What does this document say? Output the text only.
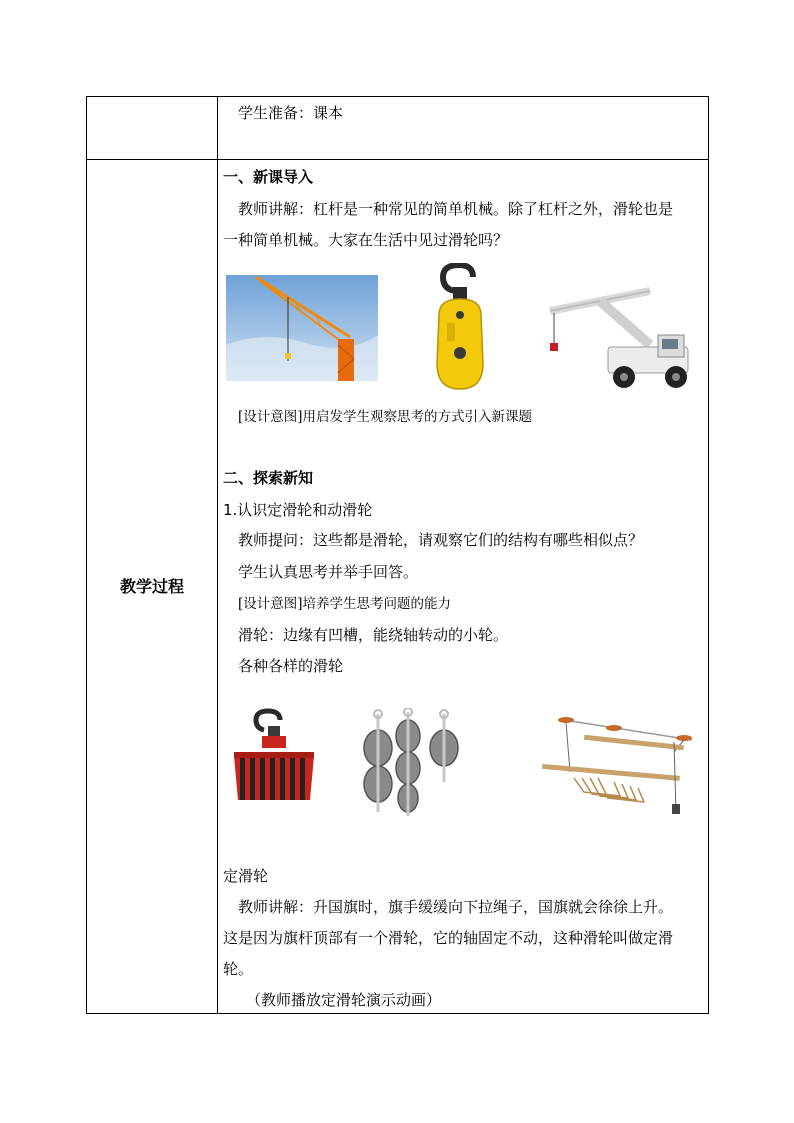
教学过程
学生准备：课本
一、新课导入
教师讲解：杠杆是一种常见的简单机械。除了杠杆之外，滑轮也是
一种简单机械。大家在生活中见过滑轮吗？
[设计意图]用启发学生观察思考的方式引入新课题
二、探索新知
1.认识定滑轮和动滑轮
教师提问：这些都是滑轮，请观察它们的结构有哪些相似点？
学生认真思考并举手回答。
[设计意图]培养学生思考问题的能力
滑轮：边缘有凹槽，能绕轴转动的小轮。
各种各样的滑轮
定滑轮
教师讲解：升国旗时，旗手缓缓向下拉绳子，国旗就会徐徐上升。
这是因为旗杆顶部有一个滑轮，它的轴固定不动，这种滑轮叫做定滑
轮。
（教师播放定滑轮演示动画）
